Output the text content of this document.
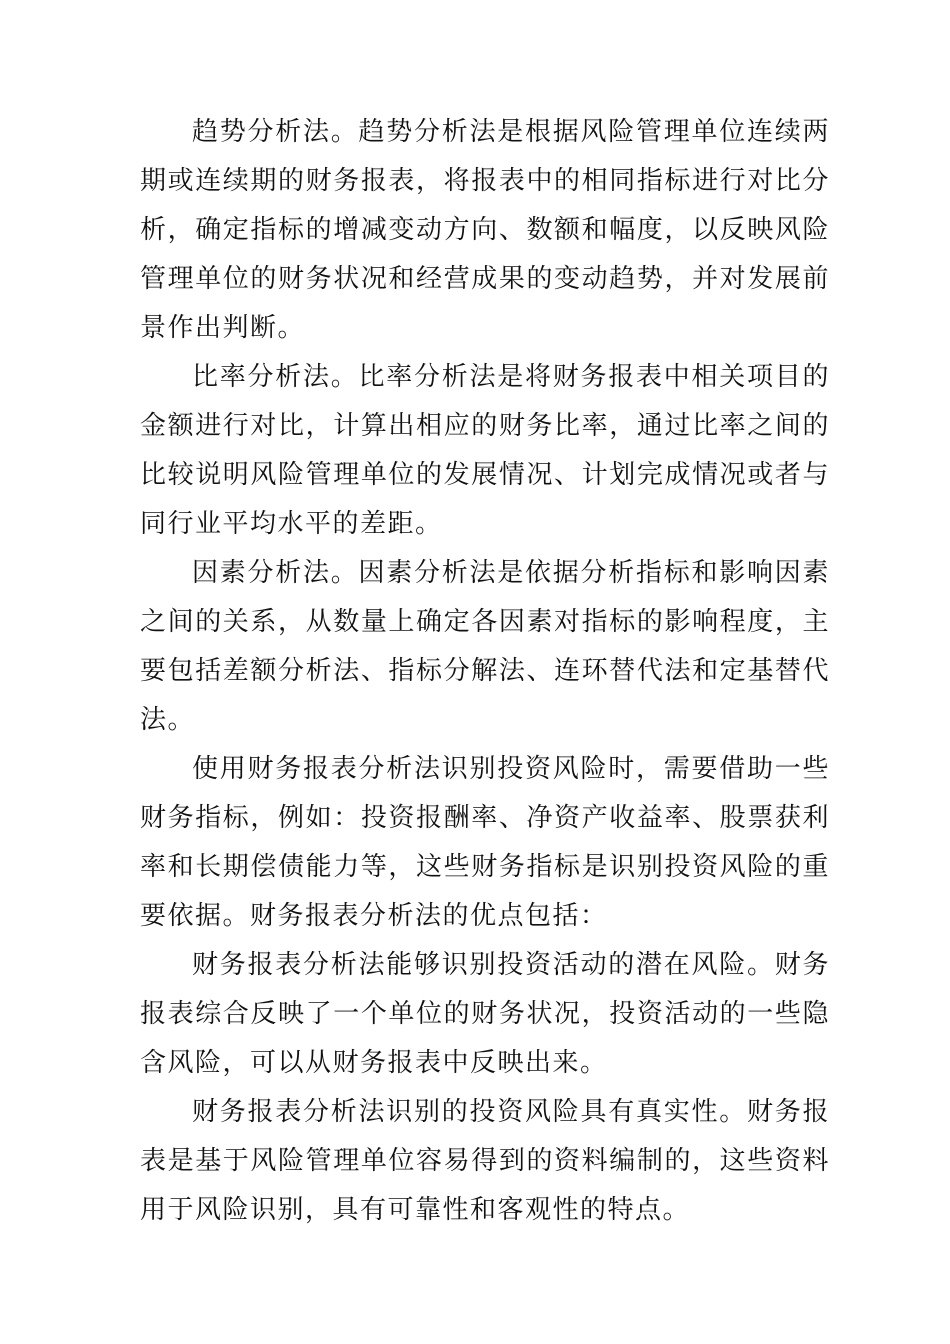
趋势分析法。趋势分析法是根据风险管理单位连续两期或连续期的财务报表，将报表中的相同指标进行对比分析，确定指标的增减变动方向、数额和幅度，以反映风险管理单位的财务状况和经营成果的变动趋势，并对发展前景作出判断。

比率分析法。比率分析法是将财务报表中相关项目的金额进行对比，计算出相应的财务比率，通过比率之间的比较说明风险管理单位的发展情况、计划完成情况或者与同行业平均水平的差距。

因素分析法。因素分析法是依据分析指标和影响因素之间的关系，从数量上确定各因素对指标的影响程度，主要包括差额分析法、指标分解法、连环替代法和定基替代法。

使用财务报表分析法识别投资风险时，需要借助一些财务指标，例如：投资报酬率、净资产收益率、股票获利率和长期偿债能力等，这些财务指标是识别投资风险的重要依据。财务报表分析法的优点包括：

财务报表分析法能够识别投资活动的潜在风险。财务报表综合反映了一个单位的财务状况，投资活动的一些隐含风险，可以从财务报表中反映出来。

财务报表分析法识别的投资风险具有真实性。财务报表是基于风险管理单位容易得到的资料编制的，这些资料用于风险识别，具有可靠性和客观性的特点。
